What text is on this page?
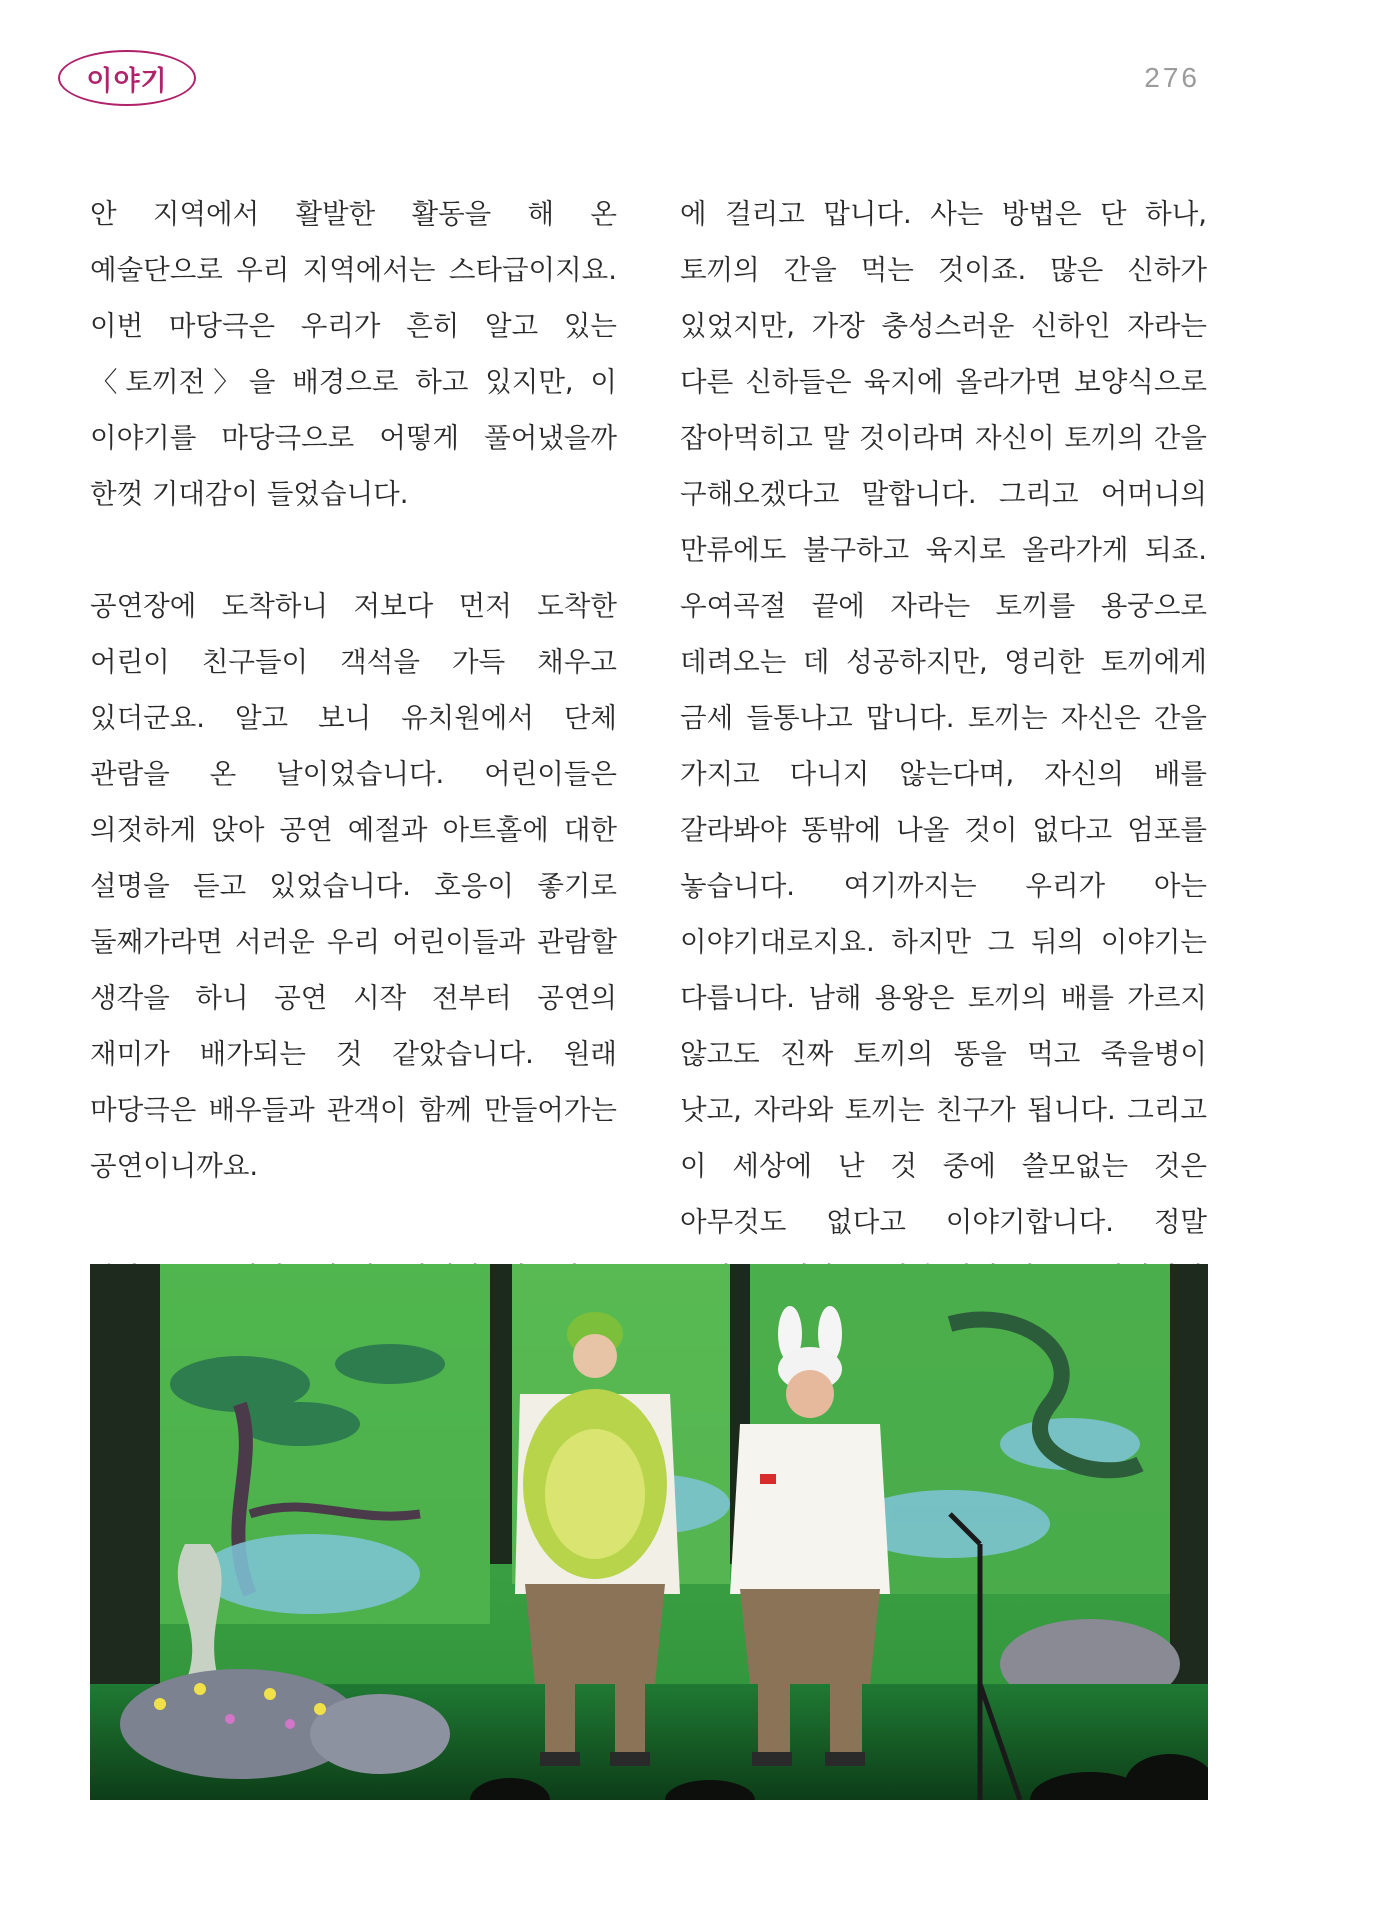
이야기	276

안 지역에서 활발한 활동을 해 온 예술단으로 우리 지역에서는 스타급이지요. 이번 마당극은 우리가 흔히 알고 있는 〈토끼전〉을 배경으로 하고 있지만, 이 이야기를 마당극으로 어떻게 풀어냈을까 한껏 기대감이 들었습니다.

공연장에 도착하니 저보다 먼저 도착한 어린이 친구들이 객석을 가득 채우고 있더군요. 알고 보니 유치원에서 단체 관람을 온 날이었습니다. 어린이들은 의젓하게 앉아 공연 예절과 아트홀에 대한 설명을 듣고 있었습니다. 호응이 좋기로 둘째가라면 서러운 우리 어린이들과 관람할 생각을 하니 공연 시작 전부터 공연의 재미가 배가되는 것 같았습니다. 원래 마당극은 배우들과 관객이 함께 만들어가는 공연이니까요.

에 걸리고 맙니다. 사는 방법은 단 하나, 토끼의 간을 먹는 것이죠. 많은 신하가 있었지만, 가장 충성스러운 신하인 자라는 다른 신하들은 육지에 올라가면 보양식으로 잡아먹히고 말 것이라며 자신이 토끼의 간을 구해오겠다고 말합니다. 그리고 어머니의 만류에도 불구하고 육지로 올라가게 되죠. 우여곡절 끝에 자라는 토끼를 용궁으로 데려오는 데 성공하지만, 영리한 토끼에게 금세 들통나고 맙니다. 토끼는 자신은 간을 가지고 다니지 않는다며, 자신의 배를 갈라봐야 똥밖에 나올 것이 없다고 엄포를 놓습니다. 여기까지는 우리가 아는 이야기대로지요. 하지만 그 뒤의 이야기는 다릅니다. 남해 용왕은 토끼의 배를 가르지 않고도 진짜 토끼의 똥을 먹고 죽을병이 낫고, 자라와 토끼는 친구가 됩니다. 그리고 이 세상에 난 것 중에 쓸모없는 것은 아무것도 없다고 이야기합니다. 정말
